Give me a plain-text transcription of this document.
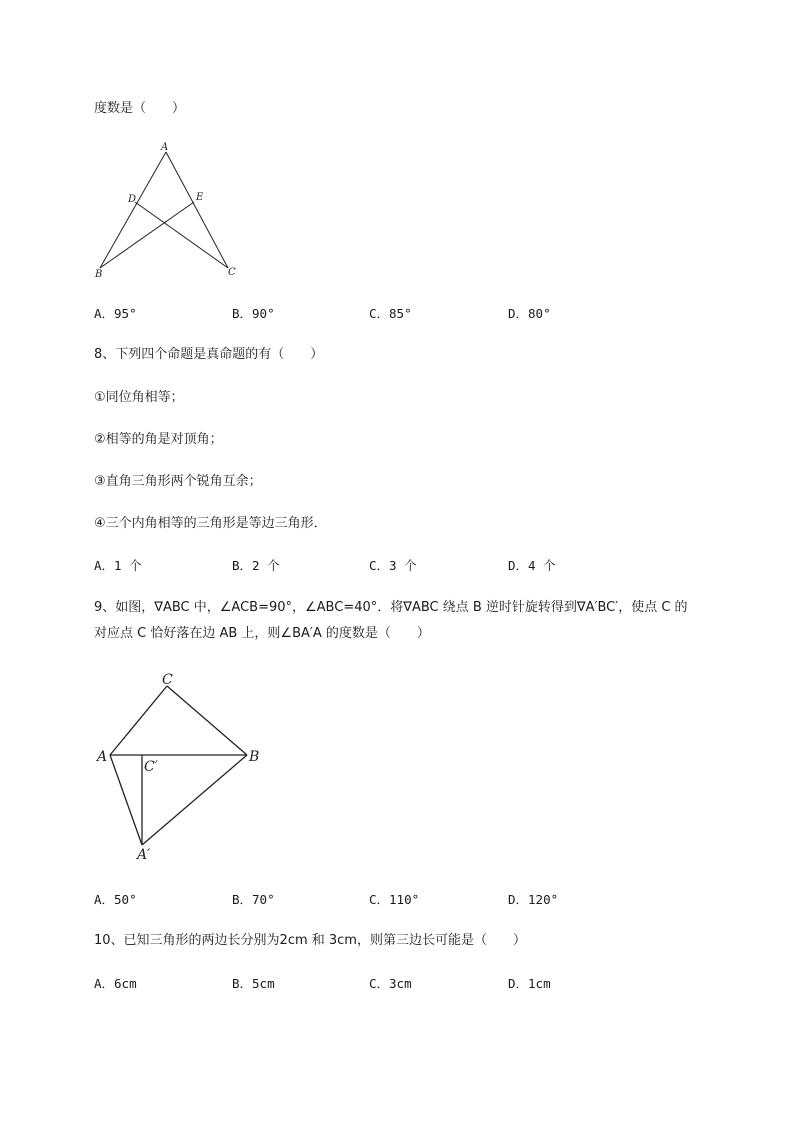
度数是（　　）
A
B	C
D	E
A．95°	B．90°	C．85°	D．80°
8、下列四个命题是真命题的有（　　）
①同位角相等；
②相等的角是对顶角；
③直角三角形两个锐角互余；
④三个内角相等的三角形是等边三角形．
A．1 个	B．2 个	C．3 个	D．4 个
9、如图，∇ABC 中，∠ACB=90°，∠ABC=40°．将∇ABC 绕点 B 逆时针旋转得到∇A′BC′，使点 C 的
对应点 C 恰好落在边 AB 上，则∠BA′A 的度数是（　　）
C
A	B
C′
A′
A．50°	B．70°	C．110°	D．120°
10、已知三角形的两边长分别为2cm 和 3cm，则第三边长可能是（　　）
A．6cm	B．5cm	C．3cm	D．1cm
